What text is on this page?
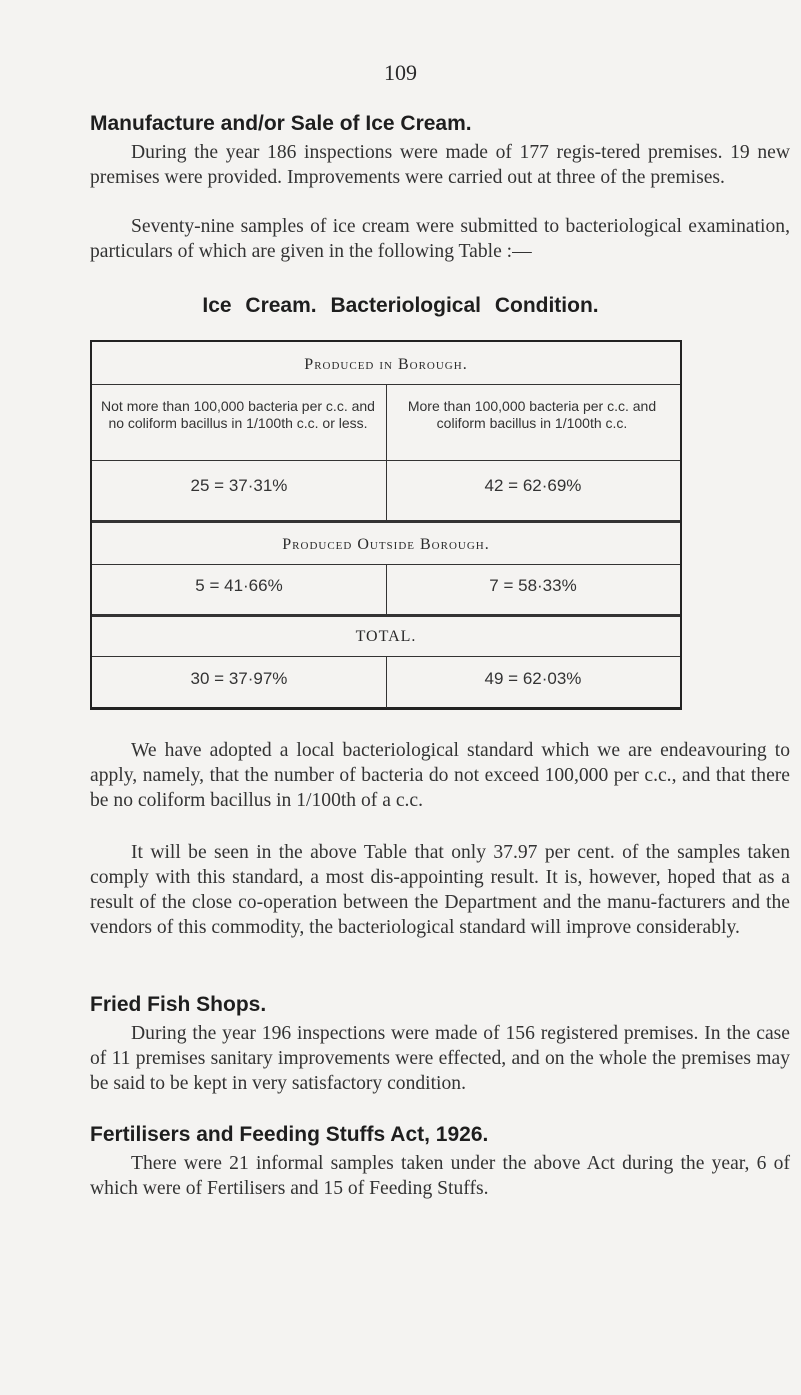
109
Manufacture and/or Sale of Ice Cream.
During the year 186 inspections were made of 177 regis-tered premises. 19 new premises were provided. Improvements were carried out at three of the premises.
Seventy-nine samples of ice cream were submitted to bacteriological examination, particulars of which are given in the following Table :—
Ice Cream. Bacteriological Condition.
Produced in Borough.
Not more than 100,000 bacteria per c.c. and no coliform bacillus in 1/100th c.c. or less.
More than 100,000 bacteria per c.c. and coliform bacillus in 1/100th c.c.
25 = 37·31%	42 = 62·69%
Produced Outside Borough.
5 = 41·66%	7 = 58·33%
TOTAL.
30 = 37·97%	49 = 62·03%
We have adopted a local bacteriological standard which we are endeavouring to apply, namely, that the number of bacteria do not exceed 100,000 per c.c., and that there be no coliform bacillus in 1/100th of a c.c.
It will be seen in the above Table that only 37.97 per cent. of the samples taken comply with this standard, a most dis-appointing result. It is, however, hoped that as a result of the close co-operation between the Department and the manu-facturers and the vendors of this commodity, the bacteriological standard will improve considerably.
Fried Fish Shops.
During the year 196 inspections were made of 156 registered premises. In the case of 11 premises sanitary improvements were effected, and on the whole the premises may be said to be kept in very satisfactory condition.
Fertilisers and Feeding Stuffs Act, 1926.
There were 21 informal samples taken under the above Act during the year, 6 of which were of Fertilisers and 15 of Feeding Stuffs.
